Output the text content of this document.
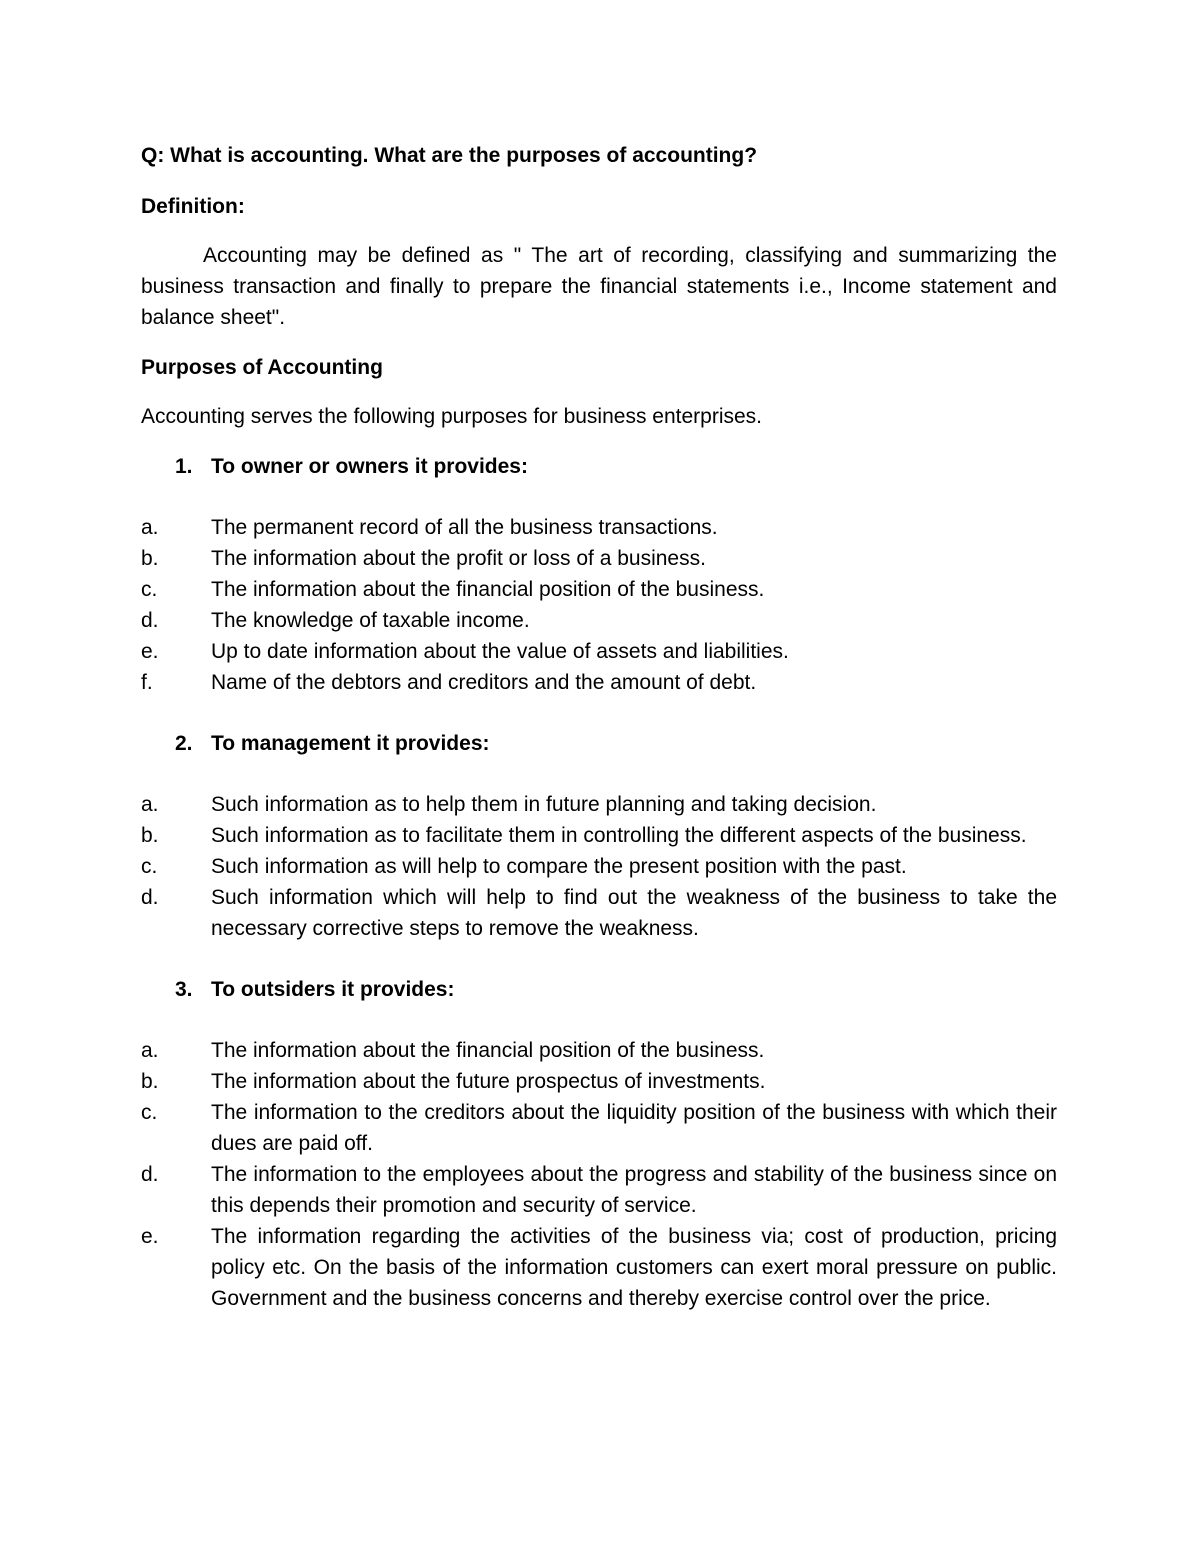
Q: What is accounting. What are the purposes of accounting?
Definition:
Accounting may be defined as " The art of recording, classifying and summarizing the business transaction and finally to prepare the financial statements i.e., Income statement and balance sheet".
Purposes of Accounting
Accounting serves the following purposes for business enterprises.
1. To owner or owners it provides:
a.	The permanent record of all the business transactions.
b.	The information about the profit or loss of a business.
c.	The information about the financial position of the business.
d.	The knowledge of taxable income.
e.	Up to date information about the value of assets and liabilities.
f.	Name of the debtors and creditors and the amount of debt.
2. To management it provides:
a.	Such information as to help them in future planning and taking decision.
b.	Such information as to facilitate them in controlling the different aspects of the business.
c.	Such information as will help to compare the present position with the past.
d.	Such information which will help to find out the weakness of the business to take the necessary corrective steps to remove the weakness.
3. To outsiders it provides:
a.	The information about the financial position of the business.
b.	The information about the future prospectus of investments.
c.	The information to the creditors about the liquidity position of the business with which their dues are paid off.
d.	The information to the employees about the progress and stability of the business since on this depends their promotion and security of service.
e.	The information regarding the activities of the business via; cost of production, pricing policy etc. On the basis of the information customers can exert moral pressure on public. Government and the business concerns and thereby exercise control over the price.
